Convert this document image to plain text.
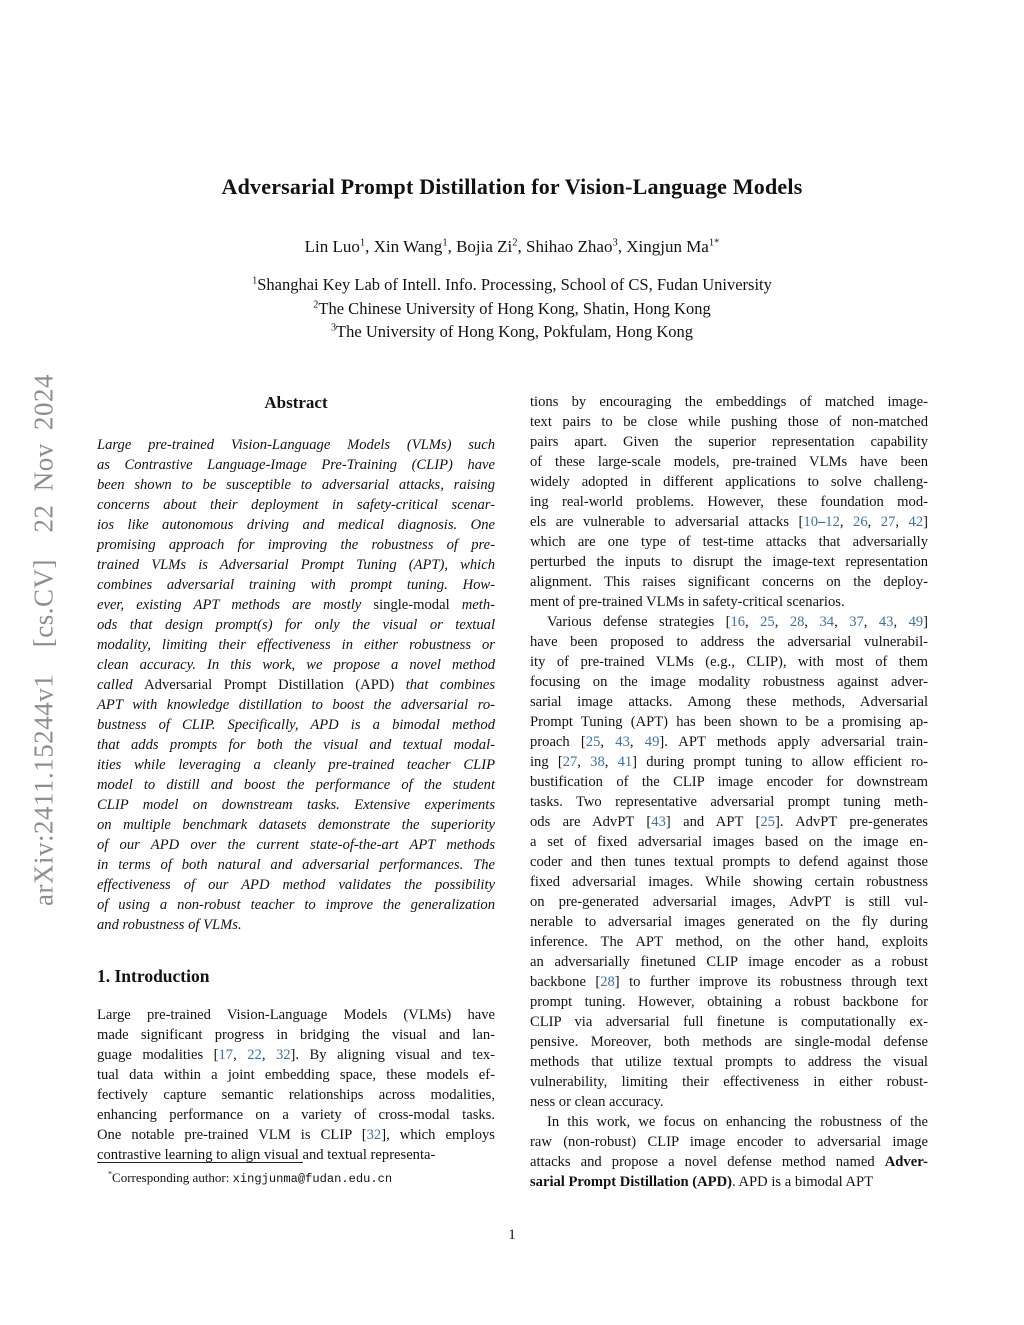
arXiv:2411.15244v1  [cs.CV]  22 Nov 2024
Adversarial Prompt Distillation for Vision-Language Models
Lin Luo$^1$, Xin Wang$^1$, Bojia Zi$^2$, Shihao Zhao$^3$, Xingjun $Ma^{1*}$
$^1$Shanghai Key Lab of Intell. Info. Processing, School of CS, Fudan University
$^2$The Chinese University of Hong Kong, Shatin, Hong Kong
$^3$The University of Hong Kong, Pokfulam, Hong Kong
Abstract
Large pre-trained Vision-Language Models (VLMs) such
as Contrastive Language-Image Pre-Training (CLIP) have
been shown to be susceptible to adversarial attacks, raising
concerns about their deployment in safety-critical scenar-
ios like autonomous driving and medical diagnosis. One
promising approach for improving the robustness of pre-
trained VLMs is Adversarial Prompt Tuning (APT), which
combines adversarial training with prompt tuning. How-
ever, existing APT methods are mostly single-modal meth-
ods that design prompt(s) for only the visual or textual
modality, limiting their effectiveness in either robustness or
clean accuracy. In this work, we propose a novel method
called Adversarial Prompt Distillation (APD) that combines
APT with knowledge distillation to boost the adversarial ro-
bustness of CLIP. Specifically, APD is a bimodal method
that adds prompts for both the visual and textual modal-
ities while leveraging a cleanly pre-trained teacher CLIP
model to distill and boost the performance of the student
CLIP model on downstream tasks. Extensive experiments
on multiple benchmark datasets demonstrate the superiority
of our APD over the current state-of-the-art APT methods
in terms of both natural and adversarial performances. The
effectiveness of our APD method validates the possibility
of using a non-robust teacher to improve the generalization
and robustness of VLMs.
1. Introduction
Large pre-trained Vision-Language Models (VLMs) have
made significant progress in bridging the visual and lan-
guage modalities [17, 22, 32]. By aligning visual and tex-
tual data within a joint embedding space, these models ef-
fectively capture semantic relationships across modalities,
enhancing performance on a variety of cross-modal tasks.
One notable pre-trained VLM is CLIP [32], which employs
contrastive learning to align visual and textual representa-
tions by encouraging the embeddings of matched image-
text pairs to be close while pushing those of non-matched
pairs apart. Given the superior representation capability
of these large-scale models, pre-trained VLMs have been
widely adopted in different applications to solve challeng-
ing real-world problems. However, these foundation mod-
els are vulnerable to adversarial attacks [10–12, 26, 27, 42]
which are one type of test-time attacks that adversarially
perturbed the inputs to disrupt the image-text representation
alignment. This raises significant concerns on the deploy-
ment of pre-trained VLMs in safety-critical scenarios.
Various defense strategies [16, 25, 28, 34, 37, 43, 49]
have been proposed to address the adversarial vulnerabil-
ity of pre-trained VLMs (e.g., CLIP), with most of them
focusing on the image modality robustness against adver-
sarial image attacks. Among these methods, Adversarial
Prompt Tuning (APT) has been shown to be a promising ap-
proach [25, 43, 49]. APT methods apply adversarial train-
ing [27, 38, 41] during prompt tuning to allow efficient ro-
bustification of the CLIP image encoder for downstream
tasks. Two representative adversarial prompt tuning meth-
ods are AdvPT [43] and APT [25]. AdvPT pre-generates
a set of fixed adversarial images based on the image en-
coder and then tunes textual prompts to defend against those
fixed adversarial images. While showing certain robustness
on pre-generated adversarial images, AdvPT is still vul-
nerable to adversarial images generated on the fly during
inference. The APT method, on the other hand, exploits
an adversarially finetuned CLIP image encoder as a robust
backbone [28] to further improve its robustness through text
prompt tuning. However, obtaining a robust backbone for
CLIP via adversarial full finetune is computationally ex-
pensive. Moreover, both methods are single-modal defense
methods that utilize textual prompts to address the visual
vulnerability, limiting their effectiveness in either robust-
ness or clean accuracy.
In this work, we focus on enhancing the robustness of the
raw (non-robust) CLIP image encoder to adversarial image
attacks and propose a novel defense method named Adver-
sarial Prompt Distillation (APD). APD is a bimodal APT
*Corresponding author: xingjunma@fudan.edu.cn
1
